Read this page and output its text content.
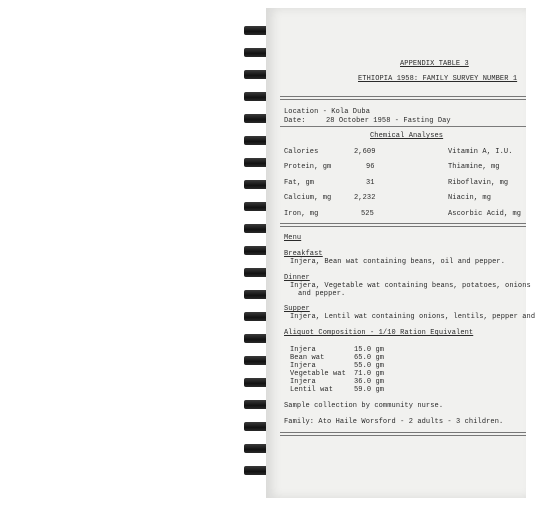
APPENDIX TABLE 3
ETHIOPIA 1958: FAMILY SURVEY NUMBER 1
Location - Kola Duba
Date:	28 October 1958 - Fasting Day
Chemical Analyses
Calories	2,609	Vitamin A, I.U.
Protein, gm	96	Thiamine, mg
Fat, gm	31	Riboflavin, mg
Calcium, mg	2,232	Niacin, mg
Iron, mg	525	Ascorbic Acid, mg
Menu
Breakfast
Injera, Bean wat containing beans, oil and pepper.
Dinner
Injera, Vegetable wat containing beans, potatoes, onions
and pepper.
Supper
Injera, Lentil wat containing onions, lentils, pepper and
Aliquot Composition - 1/10 Ration Equivalent
Injera	15.0 gm
Bean wat	65.0 gm
Injera	55.0 gm
Vegetable wat 71.0 gm
Injera	36.0 gm
Lentil wat	59.0 gm
Sample collection by community nurse.
Family: Ato Haile Worsford - 2 adults - 3 children.
